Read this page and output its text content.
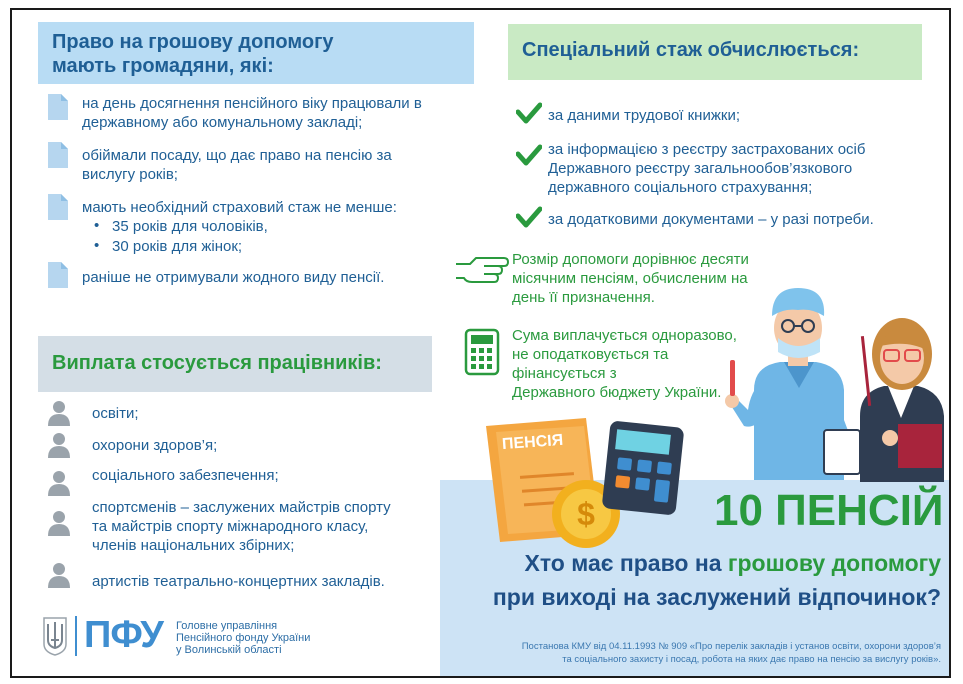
Право на грошову допомогу
мають громадяни, які:
на день досягнення пенсійного віку працювали в
державному або комунальному закладі;
обіймали посаду, що дає право на пенсію за
вислугу років;
мають необхідний страховий стаж не менше:
• 35 років для чоловіків,
• 30 років для жінок;
раніше не отримували жодного виду пенсії.
Спеціальний стаж обчислюється:
за даними трудової книжки;
за інформацією з реєстру застрахованих осіб
Державного реєстру загальнообов’язкового
державного соціального страхування;
за додатковими документами – у разі потреби.
Розмір допомоги дорівнює десяти
місячним пенсіям, обчисленим на
день її призначення.
Сума виплачується одноразово,
не оподатковується та
фінансується з
Державного бюджету України.
Виплата стосується працівників:
освіти;
охорони здоров’я;
соціального забезпечення;
спортсменів – заслужених майстрів спорту
та майстрів спорту міжнародного класу,
членів національних збірних;
артистів театрально-концертних закладів.
ПФУ Головне управління
Пенсійного фонду України
у Волинській області
ПЕНСІЯ
$	10 ПЕНСІЙ
Хто має право на грошову допомогу
при виході на заслужений відпочинок?
Постанова КМУ від 04.11.1993 № 909 «Про перелік закладів і установ освіти, охорони здоров’я
та соціального захисту і посад, робота на яких дає право на пенсію за вислугу років».
